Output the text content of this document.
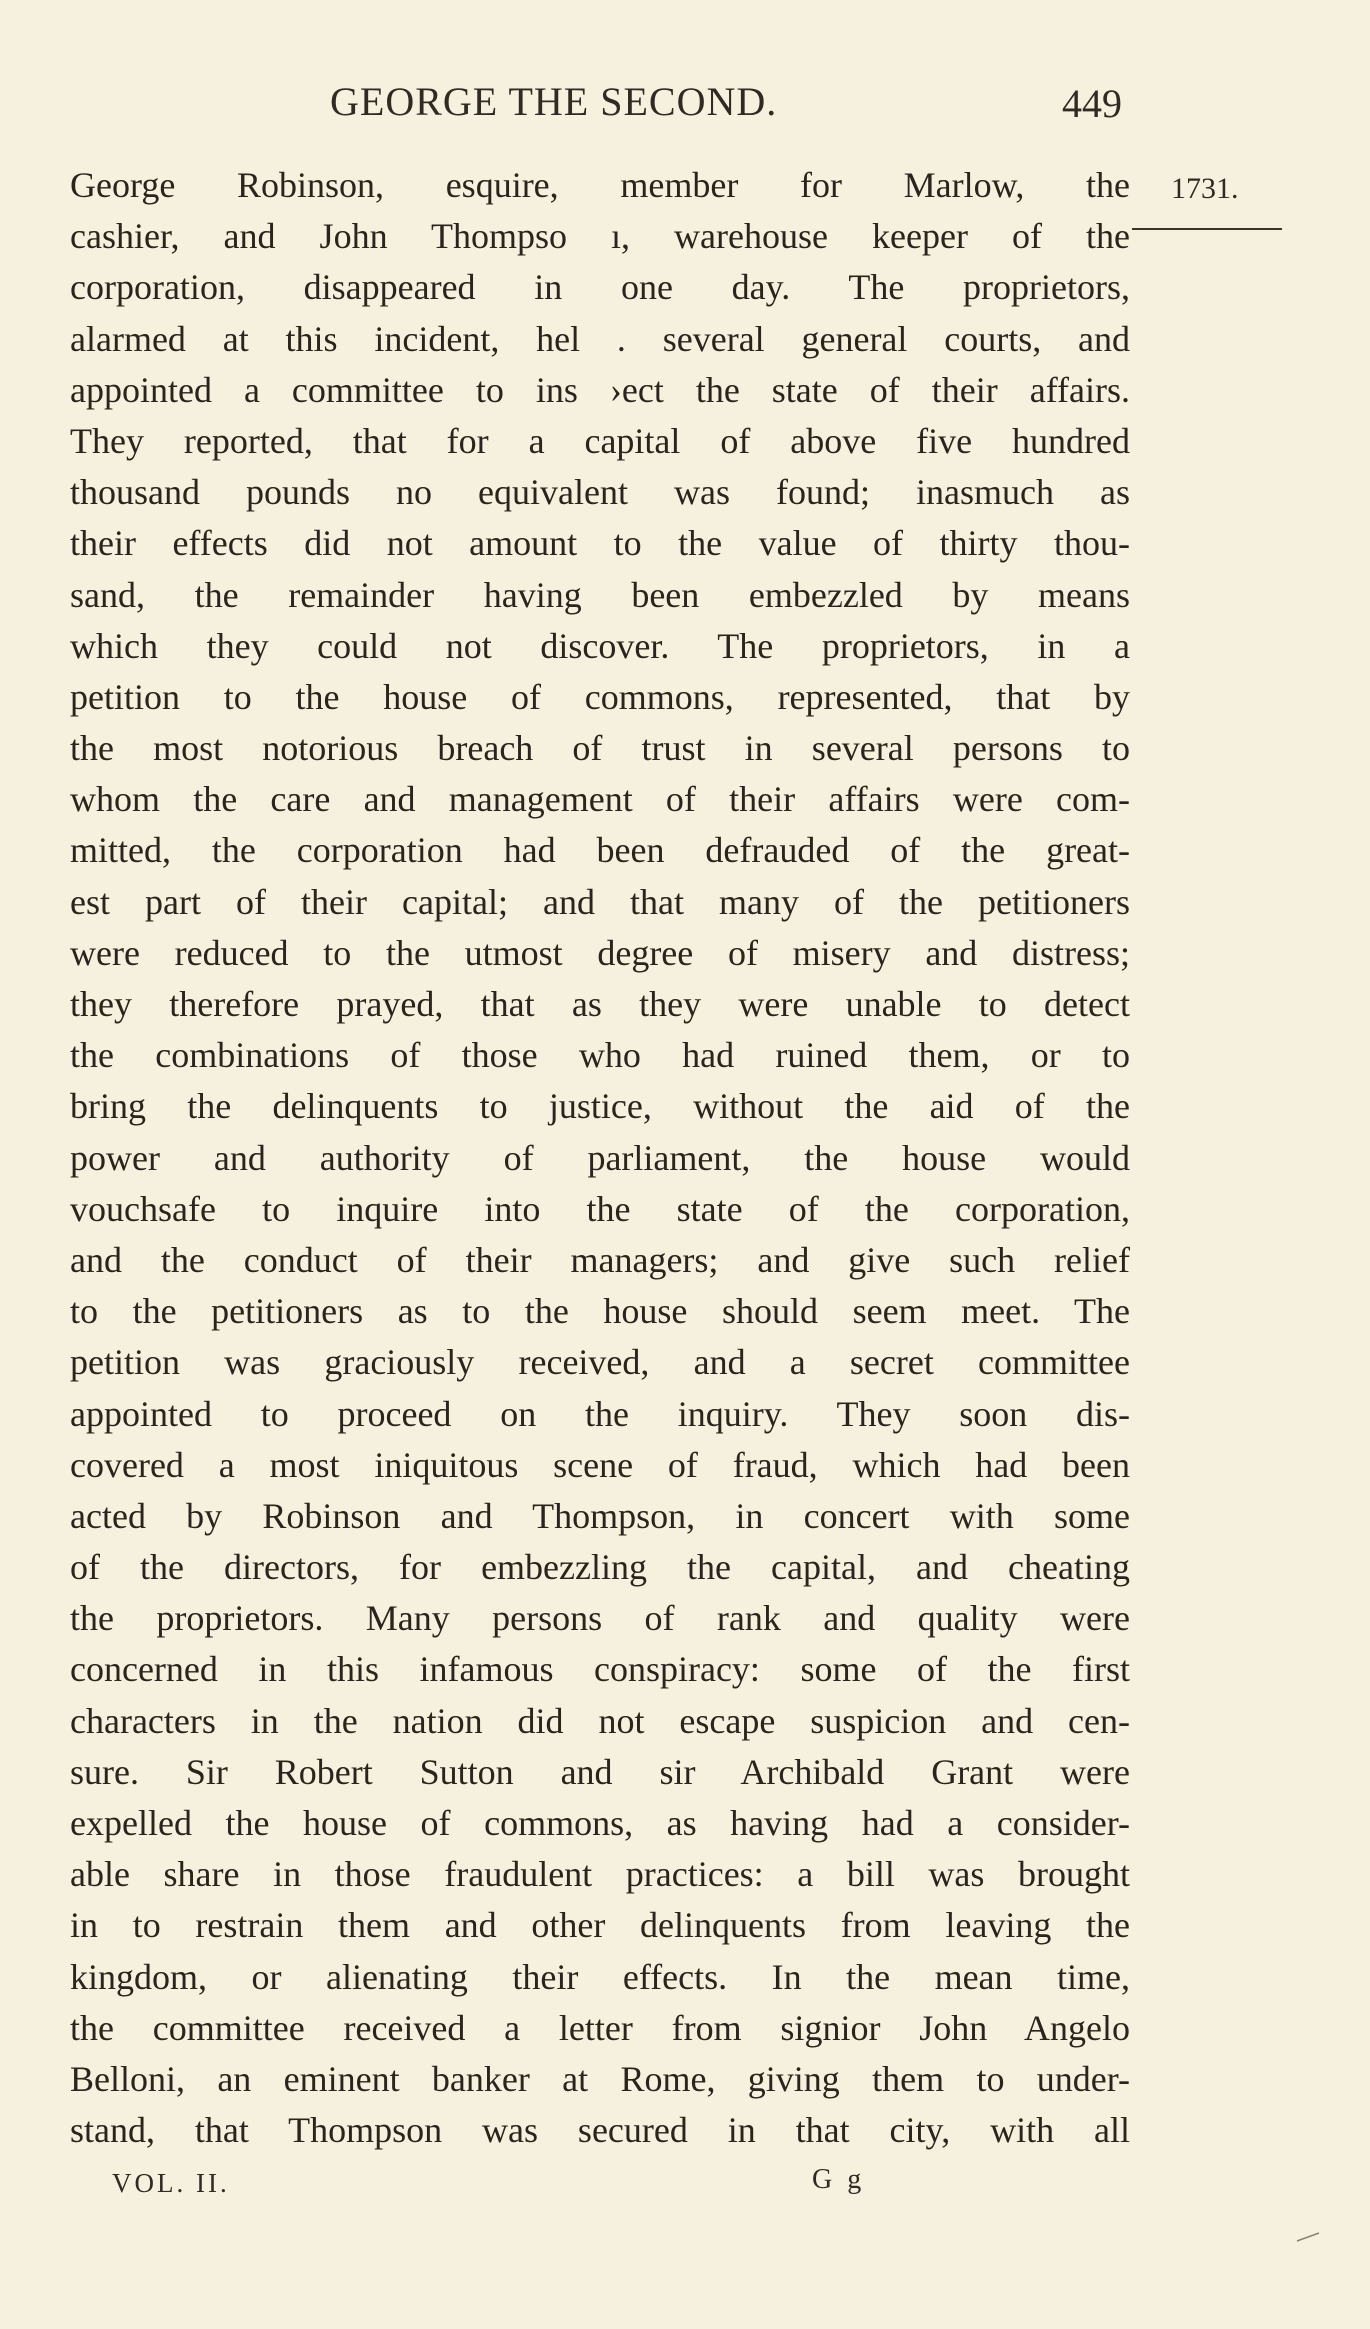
GEORGE THE SECOND.	449
1731.
George Robinson, esquire, member for Marlow, the
cashier, and John Thompso ı, warehouse keeper of the
corporation, disappeared in one day. The proprietors,
alarmed at this incident, hel . several general courts, and
appointed a committee to ins ›ect the state of their affairs.
They reported, that for a capital of above five hundred
thousand pounds no equivalent was found; inasmuch as
their effects did not amount to the value of thirty thou-
sand, the remainder having been embezzled by means
which they could not discover. The proprietors, in a
petition to the house of commons, represented, that by
the most notorious breach of trust in several persons to
whom the care and management of their affairs were com-
mitted, the corporation had been defrauded of the great-
est part of their capital; and that many of the petitioners
were reduced to the utmost degree of misery and distress;
they therefore prayed, that as they were unable to detect
the combinations of those who had ruined them, or to
bring the delinquents to justice, without the aid of the
power and authority of parliament, the house would
vouchsafe to inquire into the state of the corporation,
and the conduct of their managers; and give such relief
to the petitioners as to the house should seem meet. The
petition was graciously received, and a secret committee
appointed to proceed on the inquiry. They soon dis-
covered a most iniquitous scene of fraud, which had been
acted by Robinson and Thompson, in concert with some
of the directors, for embezzling the capital, and cheating
the proprietors. Many persons of rank and quality were
concerned in this infamous conspiracy: some of the first
characters in the nation did not escape suspicion and cen-
sure. Sir Robert Sutton and sir Archibald Grant were
expelled the house of commons, as having had a consider-
able share in those fraudulent practices: a bill was brought
in to restrain them and other delinquents from leaving the
kingdom, or alienating their effects. In the mean time,
the committee received a letter from signior John Angelo
Belloni, an eminent banker at Rome, giving them to under-
stand, that Thompson was secured in that city, with all
VOL. II.	G g
